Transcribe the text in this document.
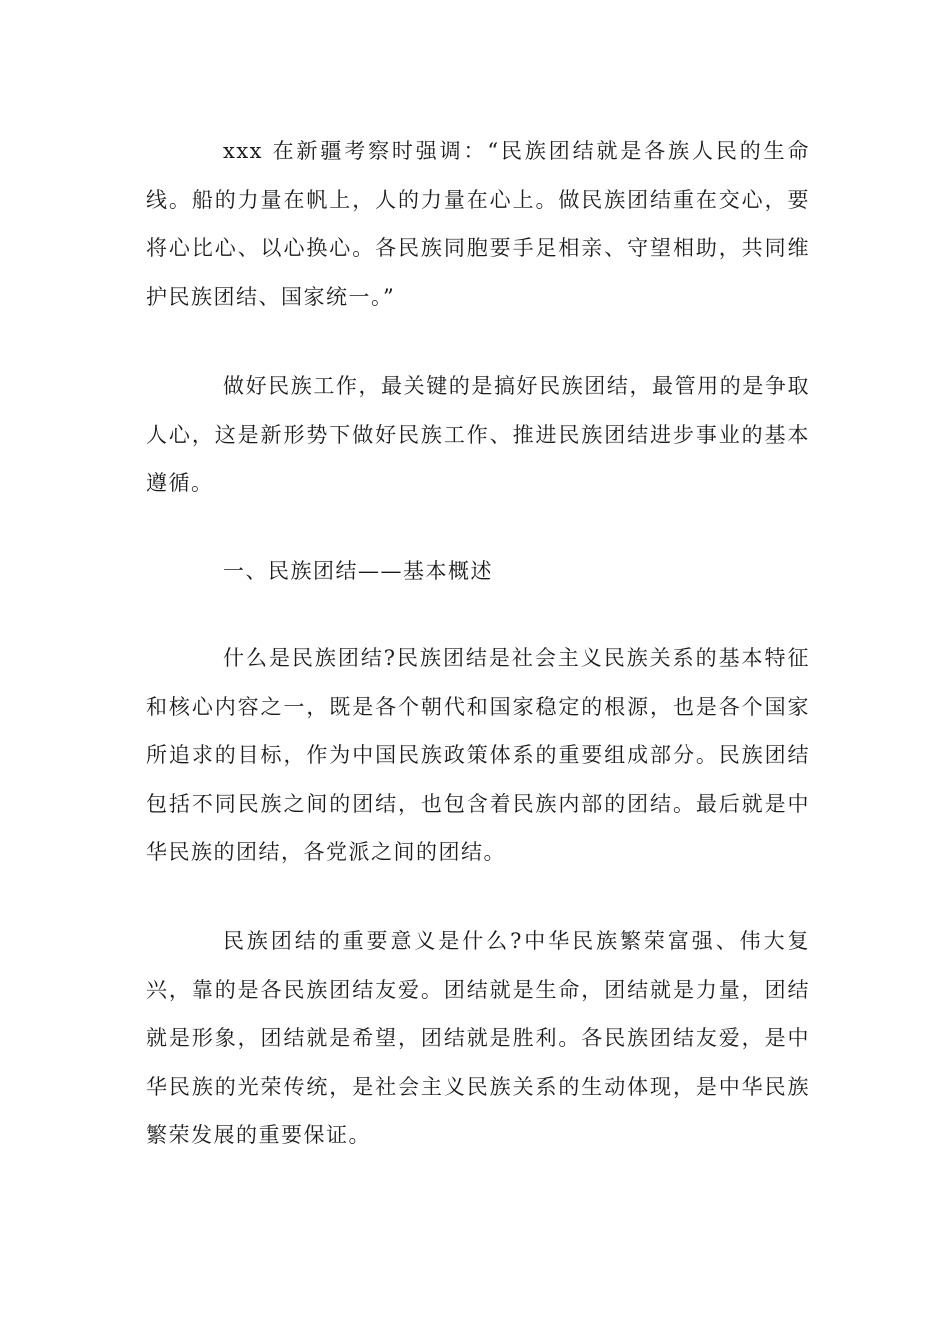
xxx 在新疆考察时强调：“民族团结就是各族人民的生命线。船的力量在帆上，人的力量在心上。做民族团结重在交心，要将心比心、以心换心。各民族同胞要手足相亲、守望相助，共同维护民族团结、国家统一。”

做好民族工作，最关键的是搞好民族团结，最管用的是争取人心，这是新形势下做好民族工作、推进民族团结进步事业的基本遵循。

一、民族团结——基本概述

什么是民族团结?民族团结是社会主义民族关系的基本特征和核心内容之一，既是各个朝代和国家稳定的根源，也是各个国家所追求的目标，作为中国民族政策体系的重要组成部分。民族团结包括不同民族之间的团结，也包含着民族内部的团结。最后就是中华民族的团结，各党派之间的团结。

民族团结的重要意义是什么?中华民族繁荣富强、伟大复兴，靠的是各民族团结友爱。团结就是生命，团结就是力量，团结就是形象，团结就是希望，团结就是胜利。各民族团结友爱，是中华民族的光荣传统，是社会主义民族关系的生动体现，是中华民族繁荣发展的重要保证。
